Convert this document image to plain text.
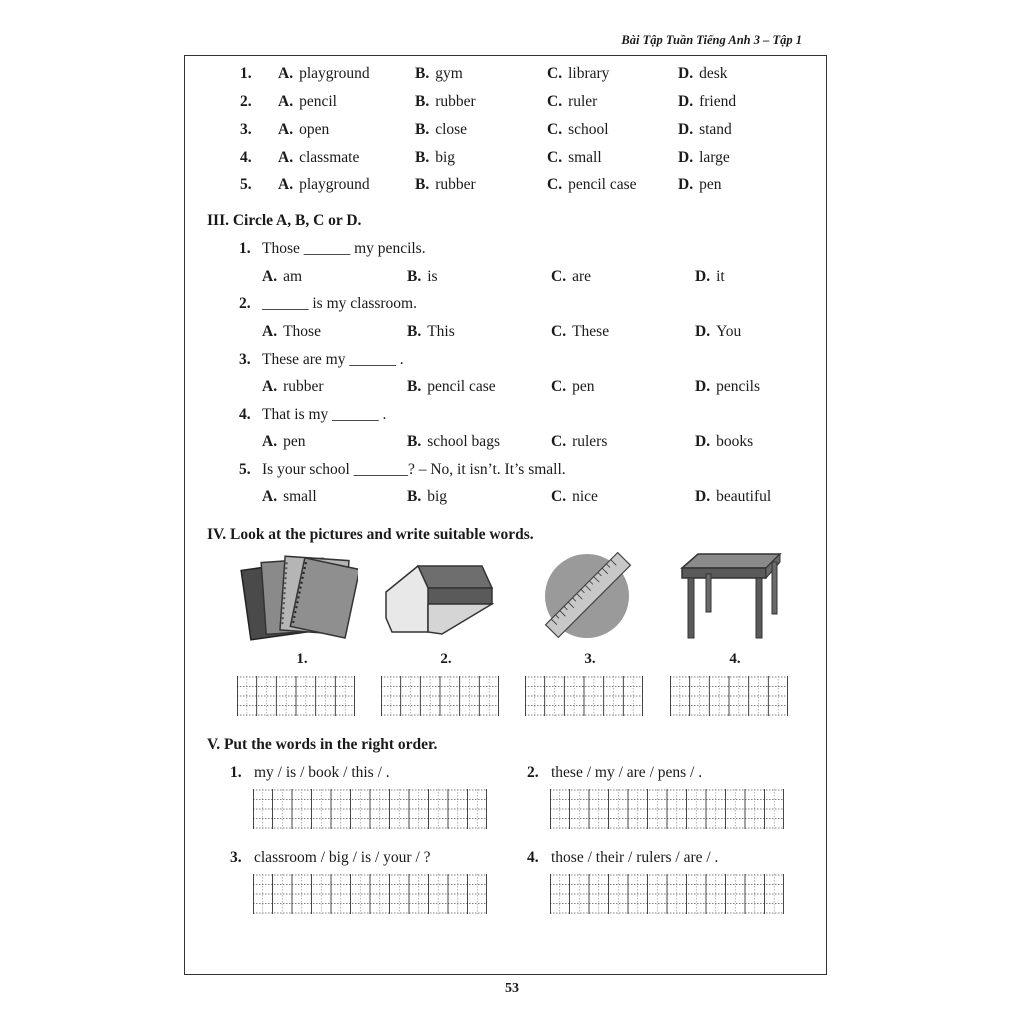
Bài Tập Tuần Tiếng Anh 3 – Tập 1
1. A. playground	B. gym	C. library	D. desk
2. A. pencil	B. rubber	C. ruler	D. friend
3. A. open	B. close	C. school	D. stand
4. A. classmate	B. big	C. small	D. large
5. A. playground	B. rubber	C. pencil case	D. pen
III. Circle A, B, C or D.
1. Those ______ my pencils.
A. am	B. is	C. are	D. it
2. ______ is my classroom.
A. Those	B. This	C. These	D. You
3. These are my ______ .
A. rubber	B. pencil case	C. pen	D. pencils
4. That is my ______ .
A. pen	B. school bags	C. rulers	D. books
5. Is your school _______? – No, it isn’t. It’s small.
A. small	B. big	C. nice	D. beautiful
IV. Look at the pictures and write suitable words.
1.	2.	3.	4.
V. Put the words in the right order.
1. my / is / book / this / .	2. these / my / are / pens / .
3. classroom / big / is / your / ?	4. those / their / rulers / are / .
53
